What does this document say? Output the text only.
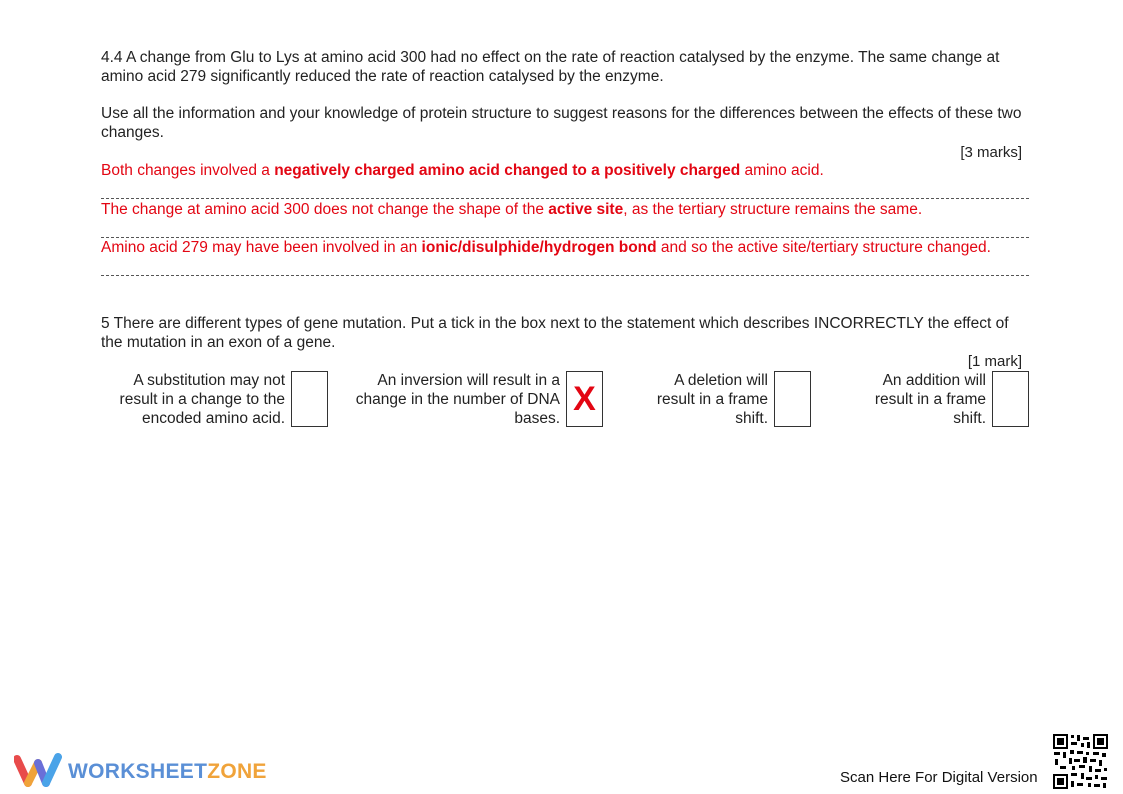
4.4 A change from Glu to Lys at amino acid 300 had no effect on the rate of reaction catalysed by the enzyme. The same change at amino acid 279 significantly reduced the rate of reaction catalysed by the enzyme.

Use all the information and your knowledge of protein structure to suggest reasons for the differences between the effects of these two changes.

[3 marks]
Both changes involved a negatively charged amino acid changed to a positively charged amino acid.
The change at amino acid 300 does not change the shape of the active site, as the tertiary structure remains the same.
Amino acid 279 may have been involved in an ionic/disulphide/hydrogen bond and so the active site/tertiary structure changed.

5 There are different types of gene mutation. Put a tick in the box next to the statement which describes INCORRECTLY the effect of the mutation in an exon of a gene.

[1 mark]
A substitution may not result in a change to the encoded amino acid.
An inversion will result in a change in the number of DNA bases.
X	A deletion will result in a frame shift.
An addition will result in a frame shift.
WORKSHEETZONE	Scan Here For Digital Version
